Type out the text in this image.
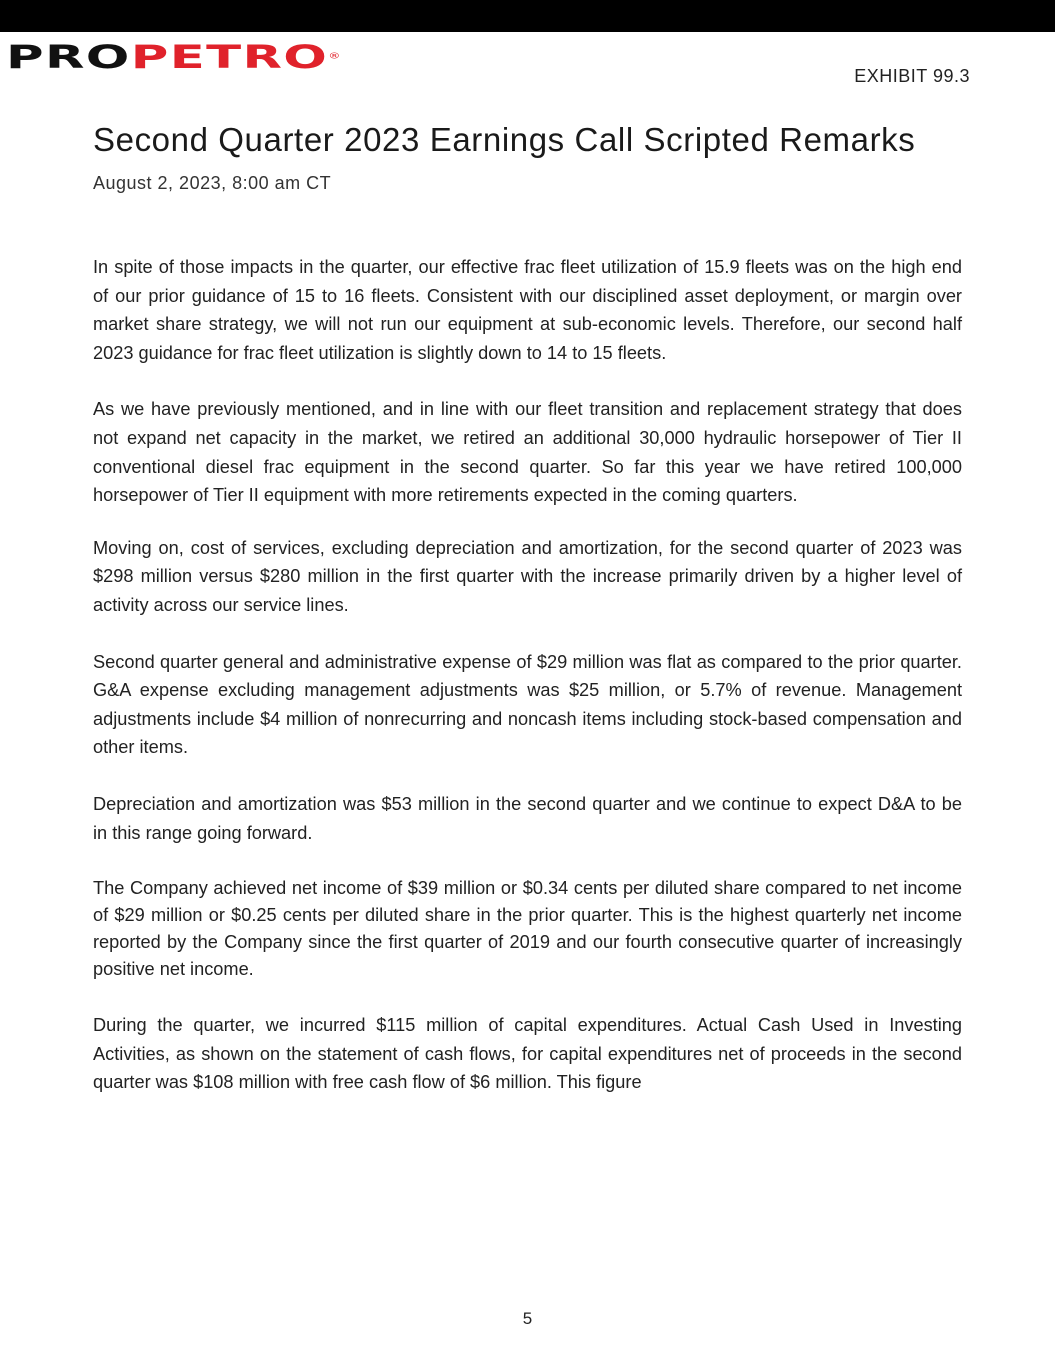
PROPETRO®
EXHIBIT 99.3
Second Quarter 2023 Earnings Call Scripted Remarks
August 2, 2023, 8:00 am CT

In spite of those impacts in the quarter, our effective frac fleet utilization of 15.9 fleets was on the high end of our prior guidance of 15 to 16 fleets. Consistent with our disciplined asset deployment, or margin over market share strategy, we will not run our equipment at sub-economic levels. Therefore, our second half 2023 guidance for frac fleet utilization is slightly down to 14 to 15 fleets.

As we have previously mentioned, and in line with our fleet transition and replacement strategy that does not expand net capacity in the market, we retired an additional 30,000 hydraulic horsepower of Tier II conventional diesel frac equipment in the second quarter. So far this year we have retired 100,000 horsepower of Tier II equipment with more retirements expected in the coming quarters.

Moving on, cost of services, excluding depreciation and amortization, for the second quarter of 2023 was $298 million versus $280 million in the first quarter with the increase primarily driven by a higher level of activity across our service lines.

Second quarter general and administrative expense of $29 million was flat as compared to the prior quarter. G&A expense excluding management adjustments was $25 million, or 5.7% of revenue. Management adjustments include $4 million of nonrecurring and noncash items including stock-based compensation and other items.

Depreciation and amortization was $53 million in the second quarter and we continue to expect D&A to be in this range going forward.

The Company achieved net income of $39 million or $0.34 cents per diluted share compared to net income of $29 million or $0.25 cents per diluted share in the prior quarter. This is the highest quarterly net income reported by the Company since the first quarter of 2019 and our fourth consecutive quarter of increasingly positive net income.

During the quarter, we incurred $115 million of capital expenditures. Actual Cash Used in Investing Activities, as shown on the statement of cash flows, for capital expenditures net of proceeds in the second quarter was $108 million with free cash flow of $6 million. This figure

5
